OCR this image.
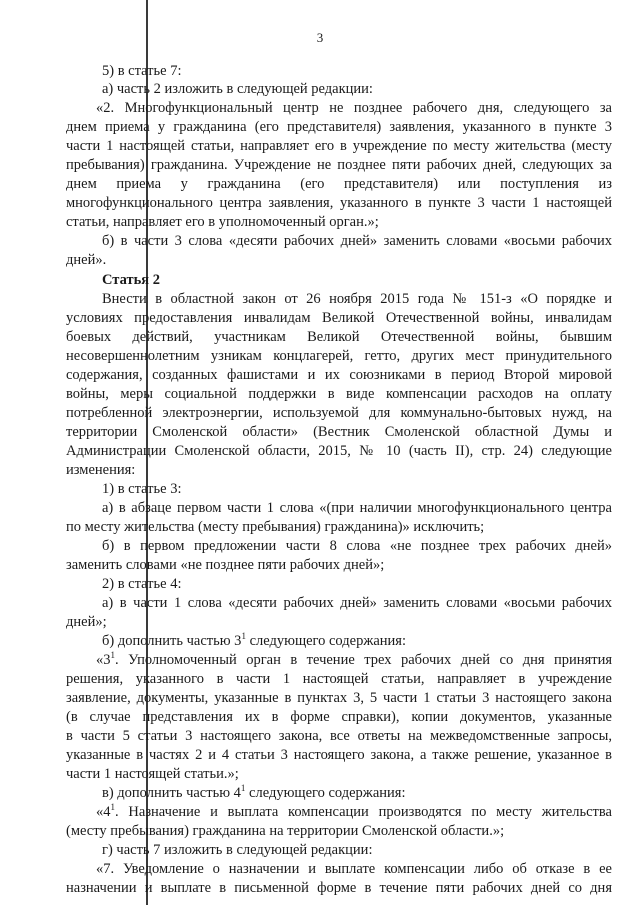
3
5) в статье 7:
а) часть 2 изложить в следующей редакции:
«2. Многофункциональный центр не позднее рабочего дня, следующего за
днем приема у гражданина (его представителя) заявления, указанного в пункте 3
части 1 настоящей статьи, направляет его в учреждение по месту жительства (месту
пребывания) гражданина. Учреждение не позднее пяти рабочих дней, следующих за
днем приема у гражданина (его представителя) или поступления из
многофункционального центра заявления, указанного в пункте 3 части 1 настоящей
статьи, направляет его в уполномоченный орган.»;
б) в части 3 слова «десяти рабочих дней» заменить словами «восьми рабочих
дней».
Статья 2
Внести в областной закон от 26 ноября 2015 года № 151-з «О порядке и
условиях предоставления инвалидам Великой Отечественной войны, инвалидам
боевых действий, участникам Великой Отечественной войны, бывшим
несовершеннолетним узникам концлагерей, гетто, других мест принудительного
содержания, созданных фашистами и их союзниками в период Второй мировой
войны, меры социальной поддержки в виде компенсации расходов на оплату
потребленной электроэнергии, используемой для коммунально-бытовых нужд, на
территории Смоленской области» (Вестник Смоленской областной Думы и
Администрации Смоленской области, 2015, № 10 (часть II), стр. 24) следующие
изменения:
1) в статье 3:
а) в абзаце первом части 1 слова «(при наличии многофункционального центра
по месту жительства (месту пребывания) гражданина)» исключить;
б) в первом предложении части 8 слова «не позднее трех рабочих дней»
заменить словами «не позднее пяти рабочих дней»;
2) в статье 4:
а) в части 1 слова «десяти рабочих дней» заменить словами «восьми рабочих
дней»;
б) дополнить частью $3^1$ следующего содержания:
«$3^1$. Уполномоченный орган в течение трех рабочих дней со дня принятия
решения, указанного в части 1 настоящей статьи, направляет в учреждение
заявление, документы, указанные в пунктах 3, 5 части 1 статьи 3 настоящего закона
(в случае представления их в форме справки), копии документов, указанные
в части 5 статьи 3 настоящего закона, все ответы на межведомственные запросы,
указанные в частях 2 и 4 статьи 3 настоящего закона, а также решение, указанное в
части 1 настоящей статьи.»;
в) дополнить частью $4^1$ следующего содержания:
«$4^1$. Назначение и выплата компенсации производятся по месту жительства
(месту пребывания) гражданина на территории Смоленской области.»;
г) часть 7 изложить в следующей редакции:
«7. Уведомление о назначении и выплате компенсации либо об отказе в ее
назначении и выплате в письменной форме в течение пяти рабочих дней со дня
